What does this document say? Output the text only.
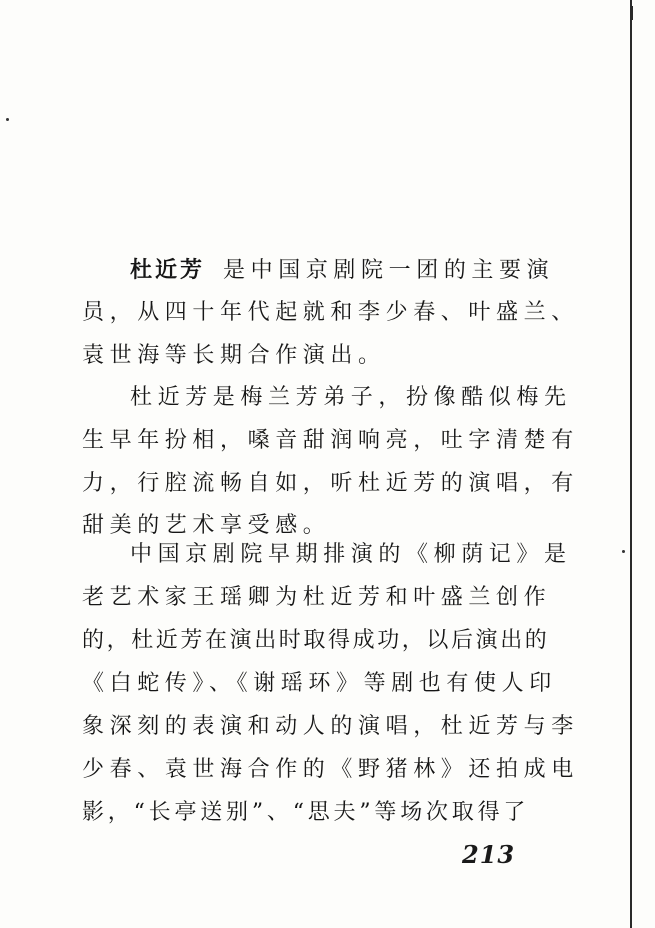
杜近芳 是中国京剧院一团的主要演
员，从四十年代起就和李少春、叶盛兰、
袁世海等长期合作演出。
杜近芳是梅兰芳弟子，扮像酷似梅先
生早年扮相，嗓音甜润响亮，吐字清楚有
力，行腔流畅自如，听杜近芳的演唱，有
甜美的艺术享受感。
中国京剧院早期排演的《柳荫记》是
老艺术家王瑶卿为杜近芳和叶盛兰创作
的，杜近芳在演出时取得成功，以后演出的
《白蛇传》、《谢瑶环》等剧也有使人印
象深刻的表演和动人的演唱，杜近芳与李
少春、袁世海合作的《野猪林》还拍成电
影，“长亭送别”、“思夫”等场次取得了
213
